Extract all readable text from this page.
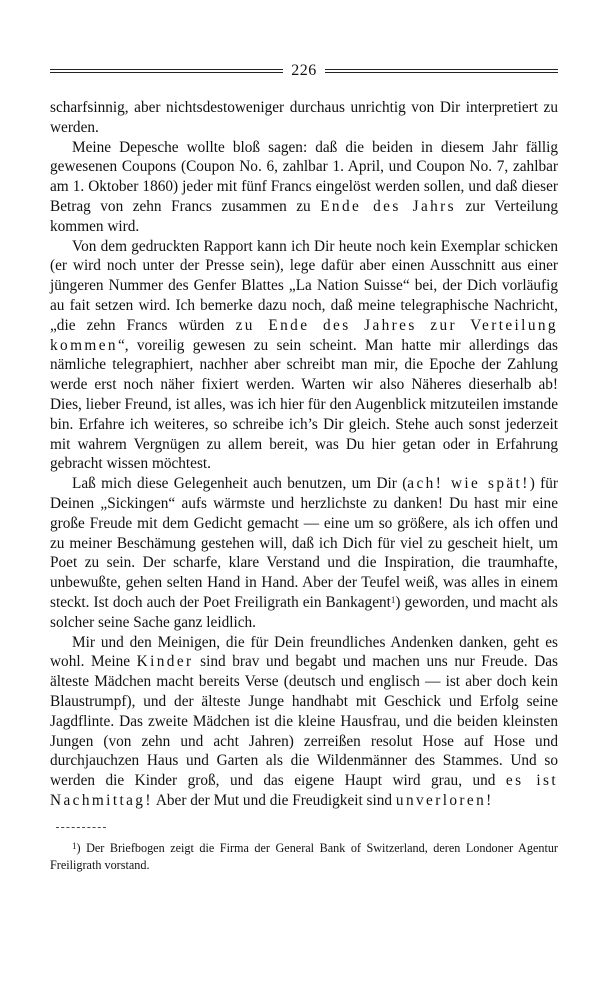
226

scharfsinnig, aber nichtsdestoweniger durchaus unrichtig von Dir interpretiert zu werden.

Meine Depesche wollte bloß sagen: daß die beiden in diesem Jahr fällig gewesenen Coupons (Coupon No. 6, zahlbar 1. April, und Coupon No. 7, zahlbar am 1. Oktober 1860) jeder mit fünf Francs eingelöst werden sollen, und daß dieser Betrag von zehn Francs zusammen zu Ende des Jahrs zur Verteilung kommen wird.

Von dem gedruckten Rapport kann ich Dir heute noch kein Exemplar schicken (er wird noch unter der Presse sein), lege dafür aber einen Ausschnitt aus einer jüngeren Nummer des Genfer Blattes „La Nation Suisse“ bei, der Dich vorläufig au fait setzen wird. Ich bemerke dazu noch, daß meine telegraphische Nachricht, „die zehn Francs würden zu Ende des Jahres zur Verteilung kommen“, voreilig gewesen zu sein scheint. Man hatte mir allerdings das nämliche telegraphiert, nachher aber schreibt man mir, die Epoche der Zahlung werde erst noch näher fixiert werden. Warten wir also Näheres dieserhalb ab! Dies, lieber Freund, ist alles, was ich hier für den Augenblick mitzuteilen imstande bin. Erfahre ich weiteres, so schreibe ich’s Dir gleich. Stehe auch sonst jederzeit mit wahrem Vergnügen zu allem bereit, was Du hier getan oder in Erfahrung gebracht wissen möchtest.

Laß mich diese Gelegenheit auch benutzen, um Dir (ach! wie spät!) für Deinen „Sickingen“ aufs wärmste und herzlichste zu danken! Du hast mir eine große Freude mit dem Gedicht gemacht — eine um so größere, als ich offen und zu meiner Beschämung gestehen will, daß ich Dich für viel zu gescheit hielt, um Poet zu sein. Der scharfe, klare Verstand und die Inspiration, die traumhafte, unbewußte, gehen selten Hand in Hand. Aber der Teufel weiß, was alles in einem steckt. Ist doch auch der Poet Freiligrath ein Bankagent$^1$) geworden, und macht als solcher seine Sache ganz leidlich.

Mir und den Meinigen, die für Dein freundliches Andenken danken, geht es wohl. Meine Kinder sind brav und begabt und machen uns nur Freude. Das älteste Mädchen macht bereits Verse (deutsch und englisch — ist aber doch kein Blaustrumpf), und der älteste Junge handhabt mit Geschick und Erfolg seine Jagdflinte. Das zweite Mädchen ist die kleine Hausfrau, und die beiden kleinsten Jungen (von zehn und acht Jahren) zerreißen resolut Hose auf Hose und durchjauchzen Haus und Garten als die Wildenmänner des Stammes. Und so werden die Kinder groß, und das eigene Haupt wird grau, und es ist Nachmittag! Aber der Mut und die Freudigkeit sind unverloren!

$^1$) Der Briefbogen zeigt die Firma der General Bank of Switzerland, deren Londoner Agentur Freiligrath vorstand.
